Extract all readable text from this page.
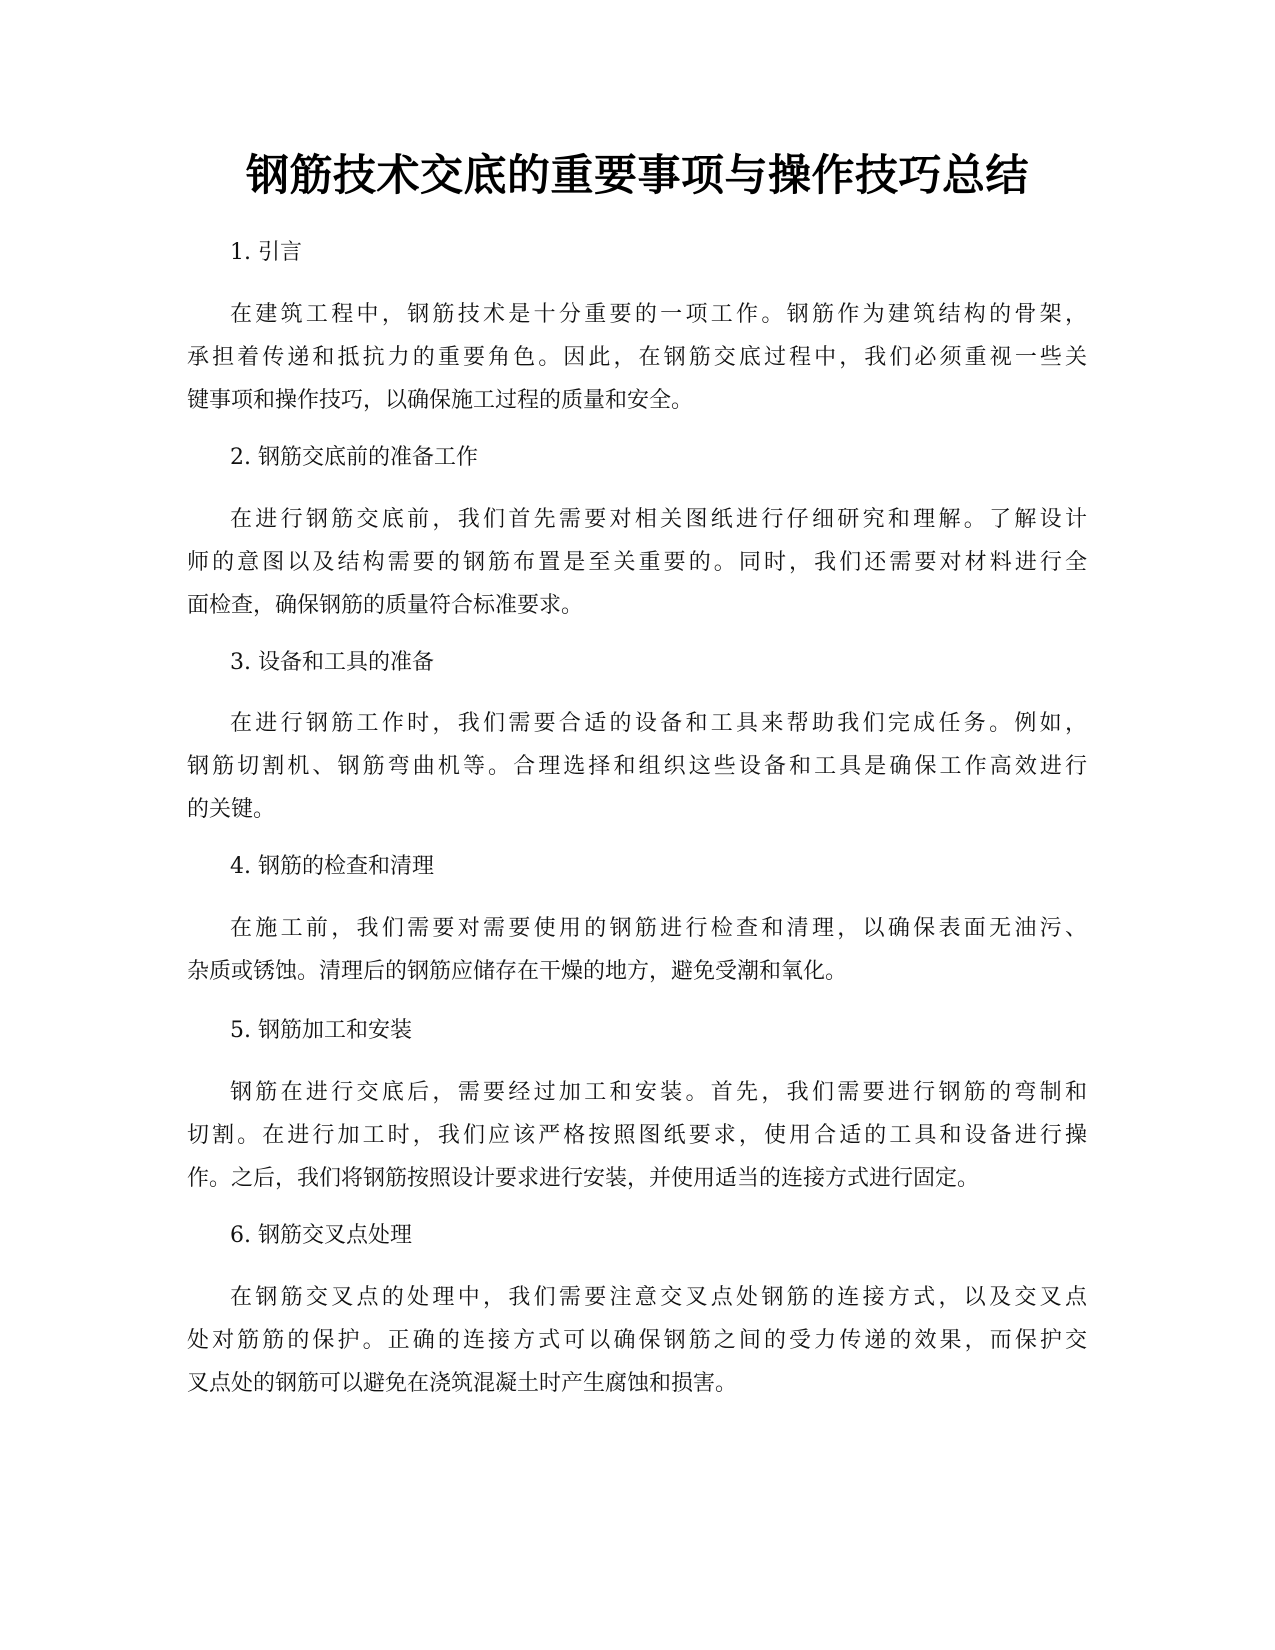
钢筋技术交底的重要事项与操作技巧总结

1. 引言

在建筑工程中，钢筋技术是十分重要的一项工作。钢筋作为建筑结构的骨架，
承担着传递和抵抗力的重要角色。因此，在钢筋交底过程中，我们必须重视一些关
键事项和操作技巧，以确保施工过程的质量和安全。

2. 钢筋交底前的准备工作

在进行钢筋交底前，我们首先需要对相关图纸进行仔细研究和理解。了解设计
师的意图以及结构需要的钢筋布置是至关重要的。同时，我们还需要对材料进行全
面检查，确保钢筋的质量符合标准要求。

3. 设备和工具的准备

在进行钢筋工作时，我们需要合适的设备和工具来帮助我们完成任务。例如，
钢筋切割机、钢筋弯曲机等。合理选择和组织这些设备和工具是确保工作高效进行
的关键。

4. 钢筋的检查和清理

在施工前，我们需要对需要使用的钢筋进行检查和清理，以确保表面无油污、
杂质或锈蚀。清理后的钢筋应储存在干燥的地方，避免受潮和氧化。

5. 钢筋加工和安装

钢筋在进行交底后，需要经过加工和安装。首先，我们需要进行钢筋的弯制和
切割。在进行加工时，我们应该严格按照图纸要求，使用合适的工具和设备进行操
作。之后，我们将钢筋按照设计要求进行安装，并使用适当的连接方式进行固定。

6. 钢筋交叉点处理

在钢筋交叉点的处理中，我们需要注意交叉点处钢筋的连接方式，以及交叉点
处对筋筋的保护。正确的连接方式可以确保钢筋之间的受力传递的效果，而保护交
叉点处的钢筋可以避免在浇筑混凝土时产生腐蚀和损害。
